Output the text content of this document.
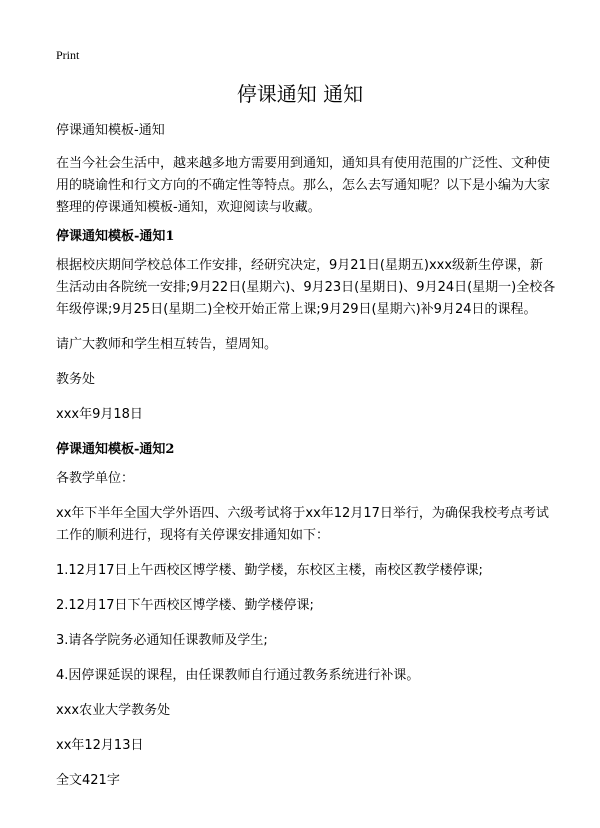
Print
停课通知 通知

停课通知模板-通知

在当今社会生活中，越来越多地方需要用到通知，通知具有使用范围的广泛性、文种使用的晓谕性和行文方向的不确定性等特点。那么，怎么去写通知呢？以下是小编为大家整理的停课通知模板-通知，欢迎阅读与收藏。

停课通知模板-通知1

根据校庆期间学校总体工作安排，经研究决定，9月21日(星期五)xxx级新生停课，新生活动由各院统一安排;9月22日(星期六)、9月23日(星期日)、9月24日(星期一)全校各年级停课;9月25日(星期二)全校开始正常上课;9月29日(星期六)补9月24日的课程。

请广大教师和学生相互转告，望周知。

教务处

xxx年9月18日

停课通知模板-通知2

各教学单位：

xx年下半年全国大学外语四、六级考试将于xx年12月17日举行，为确保我校考点考试工作的顺利进行，现将有关停课安排通知如下：

1.12月17日上午西校区博学楼、勤学楼，东校区主楼，南校区教学楼停课;

2.12月17日下午西校区博学楼、勤学楼停课;

3.请各学院务必通知任课教师及学生;

4.因停课延误的课程，由任课教师自行通过教务系统进行补课。

xxx农业大学教务处

xx年12月13日

全文421字
